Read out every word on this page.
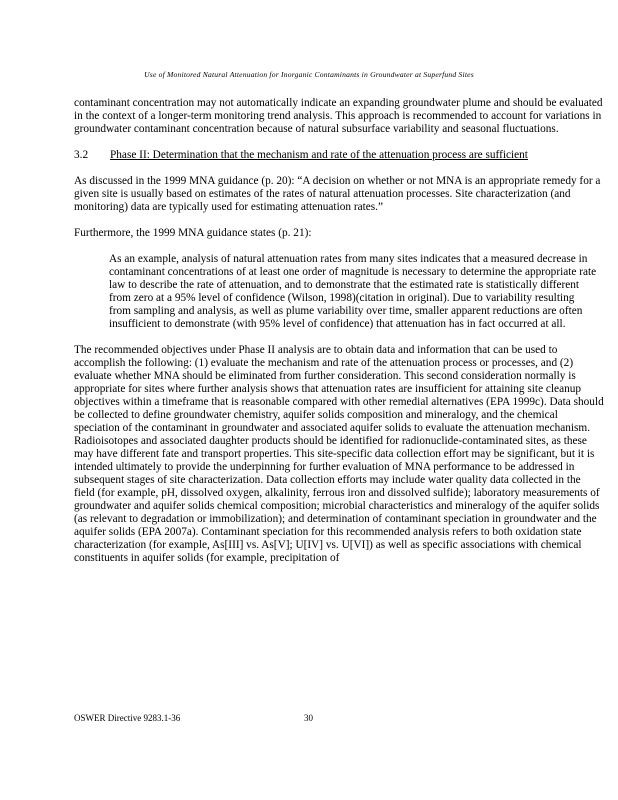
Use of Monitored Natural Attenuation for Inorganic Contaminants in Groundwater at Superfund Sites

contaminant concentration may not automatically indicate an expanding groundwater plume and should be evaluated in the context of a longer-term monitoring trend analysis. This approach is recommended to account for variations in groundwater contaminant concentration because of natural subsurface variability and seasonal fluctuations.

3.2	Phase II: Determination that the mechanism and rate of the attenuation process are sufficient

As discussed in the 1999 MNA guidance (p. 20): “A decision on whether or not MNA is an appropriate remedy for a given site is usually based on estimates of the rates of natural attenuation processes. Site characterization (and monitoring) data are typically used for estimating attenuation rates.”

Furthermore, the 1999 MNA guidance states (p. 21):

As an example, analysis of natural attenuation rates from many sites indicates that a measured decrease in contaminant concentrations of at least one order of magnitude is necessary to determine the appropriate rate law to describe the rate of attenuation, and to demonstrate that the estimated rate is statistically different from zero at a 95% level of confidence (Wilson, 1998)(citation in original). Due to variability resulting from sampling and analysis, as well as plume variability over time, smaller apparent reductions are often insufficient to demonstrate (with 95% level of confidence) that attenuation has in fact occurred at all.

The recommended objectives under Phase II analysis are to obtain data and information that can be used to accomplish the following: (1) evaluate the mechanism and rate of the attenuation process or processes, and (2) evaluate whether MNA should be eliminated from further consideration. This second consideration normally is appropriate for sites where further analysis shows that attenuation rates are insufficient for attaining site cleanup objectives within a timeframe that is reasonable compared with other remedial alternatives (EPA 1999c). Data should be collected to define groundwater chemistry, aquifer solids composition and mineralogy, and the chemical speciation of the contaminant in groundwater and associated aquifer solids to evaluate the attenuation mechanism. Radioisotopes and associated daughter products should be identified for radionuclide-contaminated sites, as these may have different fate and transport properties. This site-specific data collection effort may be significant, but it is intended ultimately to provide the underpinning for further evaluation of MNA performance to be addressed in subsequent stages of site characterization. Data collection efforts may include water quality data collected in the field (for example, pH, dissolved oxygen, alkalinity, ferrous iron and dissolved sulfide); laboratory measurements of groundwater and aquifer solids chemical composition; microbial characteristics and mineralogy of the aquifer solids (as relevant to degradation or immobilization); and determination of contaminant speciation in groundwater and the aquifer solids (EPA 2007a). Contaminant speciation for this recommended analysis refers to both oxidation state characterization (for example, As[III] vs. As[V]; U[IV] vs. U[VI]) as well as specific associations with chemical constituents in aquifer solids (for example, precipitation of

OSWER Directive 9283.1-36	30
